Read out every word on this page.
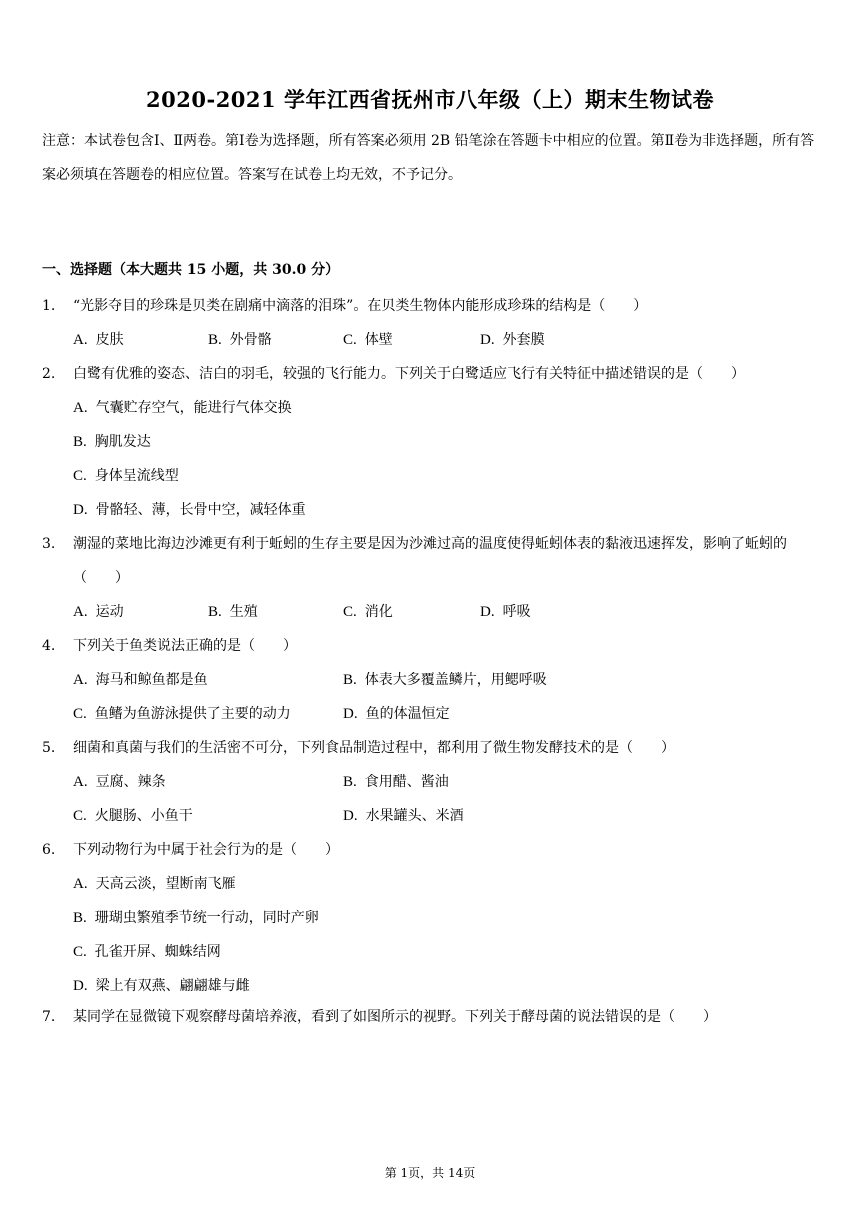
2020-2021 学年江西省抚州市八年级（上）期末生物试卷
注意：本试卷包含Ⅰ、Ⅱ两卷。第Ⅰ卷为选择题，所有答案必须用 2B 铅笔涂在答题卡中相应的位置。第Ⅱ卷为非选择题，所有答案必须填在答题卷的相应位置。答案写在试卷上均无效，不予记分。
一、选择题（本大题共 15 小题，共 30.0 分）
1. “光影夺目的珍珠是贝类在剧痛中滴落的泪珠”。在贝类生物体内能形成珍珠的结构是（　　）
A. 皮肤	B. 外骨骼	C. 体壁	D. 外套膜
2. 白鹭有优雅的姿态、洁白的羽毛，较强的飞行能力。下列关于白鹭适应飞行有关特征中描述错误的是（　　）
A. 气囊贮存空气，能进行气体交换
B. 胸肌发达
C. 身体呈流线型
D. 骨骼轻、薄，长骨中空，减轻体重
3. 潮湿的菜地比海边沙滩更有利于蚯蚓的生存主要是因为沙滩过高的温度使得蚯蚓体表的黏液迅速挥发，影响了蚯蚓的（　　）
A. 运动	B. 生殖	C. 消化	D. 呼吸
4. 下列关于鱼类说法正确的是（　　）
A. 海马和鲸鱼都是鱼	B. 体表大多覆盖鳞片，用鳃呼吸
C. 鱼鳍为鱼游泳提供了主要的动力	D. 鱼的体温恒定
5. 细菌和真菌与我们的生活密不可分，下列食品制造过程中，都利用了微生物发酵技术的是（　　）
A. 豆腐、辣条	B. 食用醋、酱油
C. 火腿肠、小鱼干	D. 水果罐头、米酒
6. 下列动物行为中属于社会行为的是（　　）
A. 天高云淡，望断南飞雁
B. 珊瑚虫繁殖季节统一行动，同时产卵
C. 孔雀开屏、蜘蛛结网
D. 梁上有双燕、翩翩雄与雌
7. 某同学在显微镜下观察酵母菌培养液，看到了如图所示的视野。下列关于酵母菌的说法错误的是（　　）
第 1页，共 14页
